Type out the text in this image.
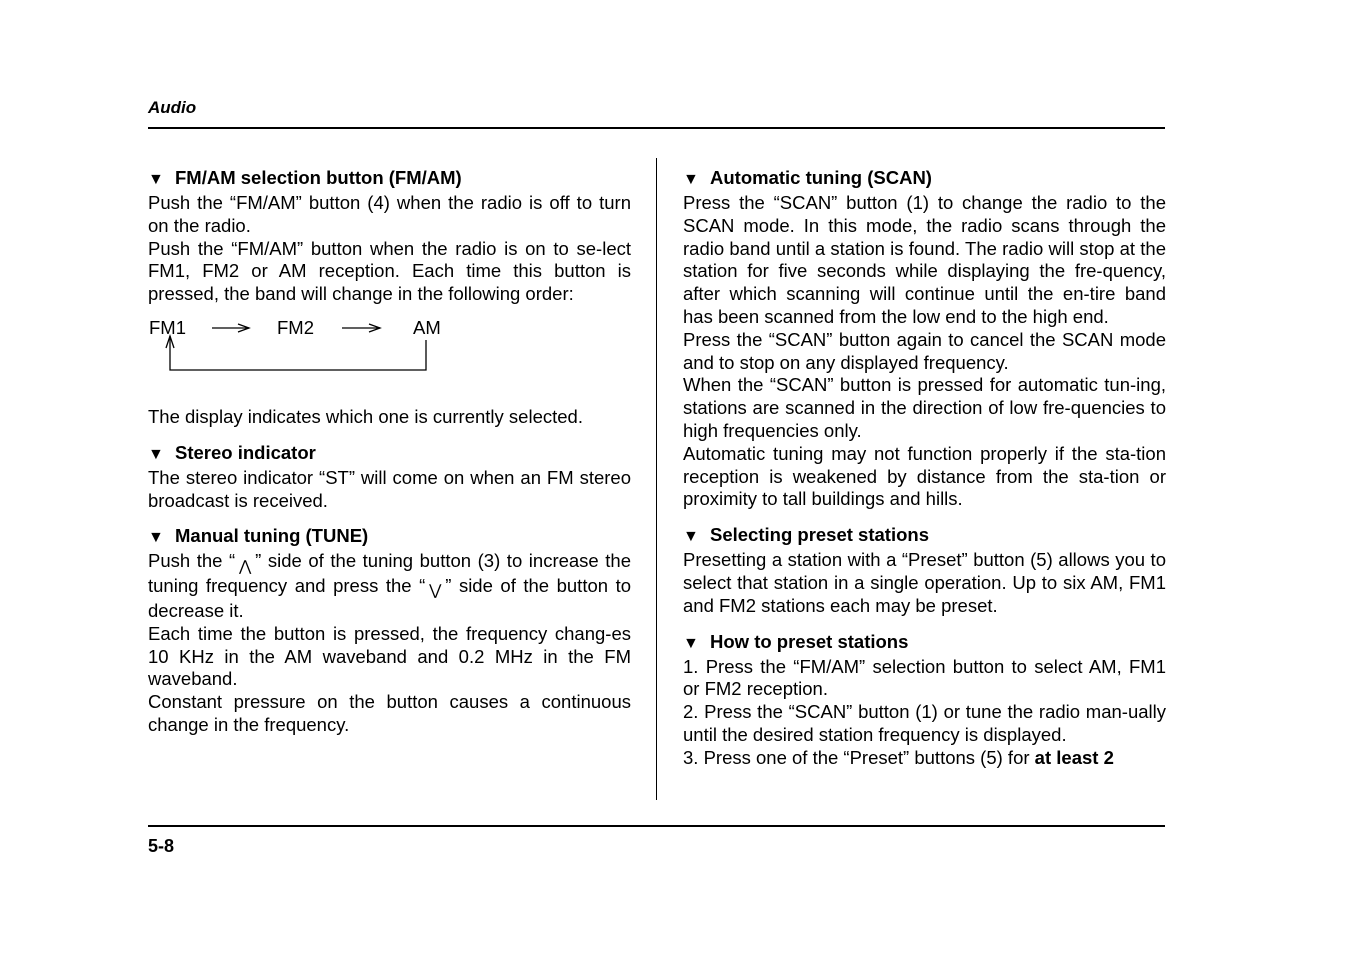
Audio
▼ FM/AM selection button (FM/AM)

Push the “FM/AM” button (4) when the radio is off to turn on the radio.

Push the “FM/AM” button when the radio is on to se-lect FM1, FM2 or AM reception. Each time this button is pressed, the band will change in the following order:

FM1	FM2	AM

The display indicates which one is currently selected.

▼ Stereo indicator

The stereo indicator “ST” will come on when an FM stereo broadcast is received.

▼ Manual tuning (TUNE)

Push the “ ⋀ ” side of the tuning button (3) to increase the tuning frequency and press the “ ⋁ ” side of the button to decrease it.

Each time the button is pressed, the frequency chang-es 10 KHz in the AM waveband and 0.2 MHz in the FM waveband.

Constant pressure on the button causes a continuous change in the frequency.

▼ Automatic tuning (SCAN)

Press the “SCAN” button (1) to change the radio to the SCAN mode. In this mode, the radio scans through the radio band until a station is found. The radio will stop at the station for five seconds while displaying the fre-quency, after which scanning will continue until the en-tire band has been scanned from the low end to the high end.

Press the “SCAN” button again to cancel the SCAN mode and to stop on any displayed frequency.

When the “SCAN” button is pressed for automatic tun-ing, stations are scanned in the direction of low fre-quencies to high frequencies only.

Automatic tuning may not function properly if the sta-tion reception is weakened by distance from the sta-tion or proximity to tall buildings and hills.

▼ Selecting preset stations

Presetting a station with a “Preset” button (5) allows you to select that station in a single operation. Up to six AM, FM1 and FM2 stations each may be preset.

▼ How to preset stations

1. Press the “FM/AM” selection button to select AM, FM1 or FM2 reception.

2. Press the “SCAN” button (1) or tune the radio man-ually until the desired station frequency is displayed.

3. Press one of the “Preset” buttons (5) for at least 2

5-8
